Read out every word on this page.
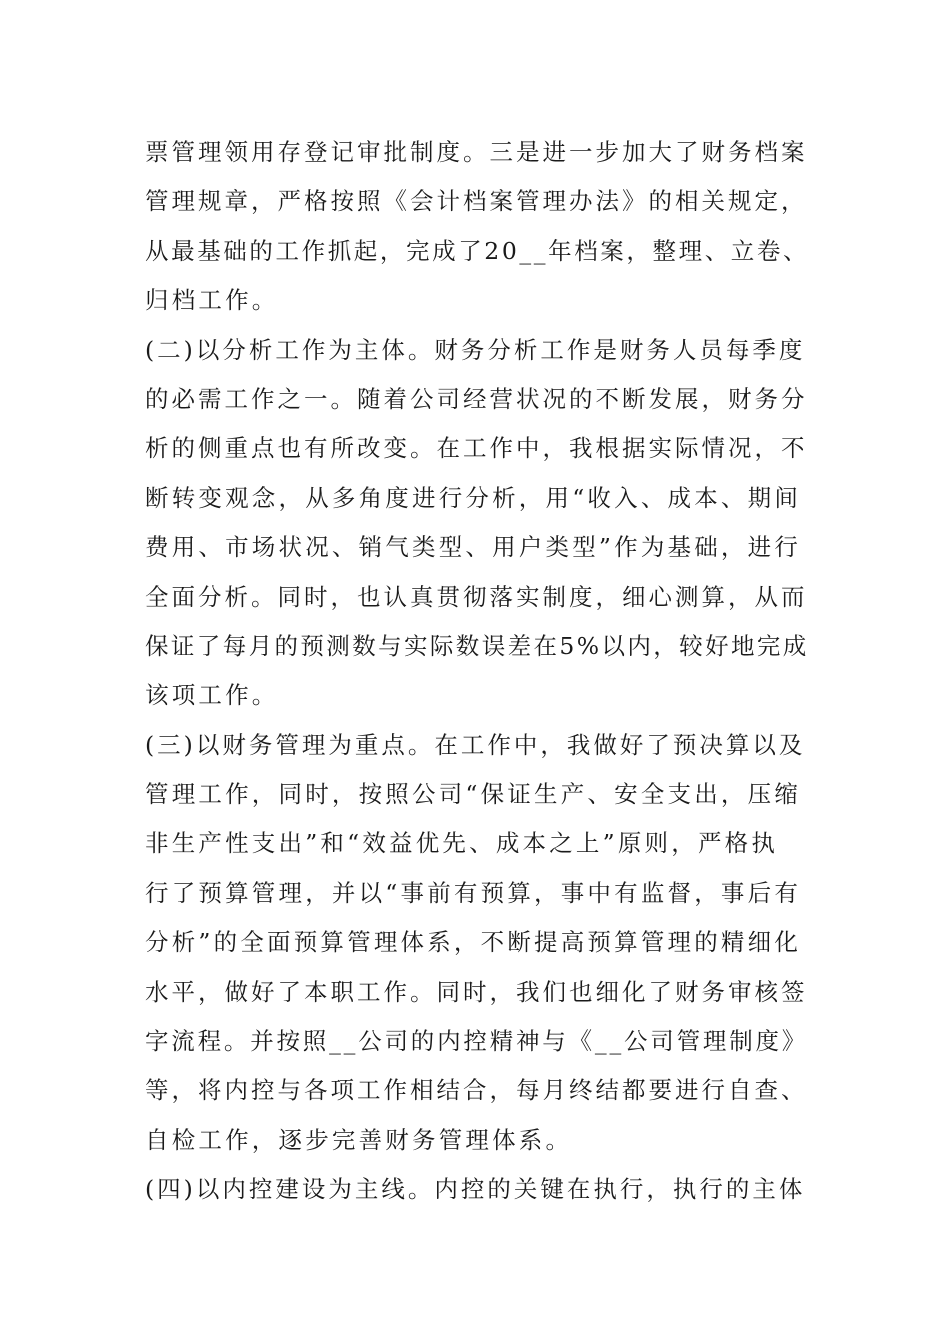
票管理领用存登记审批制度。三是进一步加大了财务档案
管理规章，严格按照《会计档案管理办法》的相关规定，
从最基础的工作抓起，完成了20__年档案，整理、立卷、
归档工作。
(二)以分析工作为主体。财务分析工作是财务人员每季度
的必需工作之一。随着公司经营状况的不断发展，财务分
析的侧重点也有所改变。在工作中，我根据实际情况，不
断转变观念，从多角度进行分析，用“收入、成本、期间
费用、市场状况、销气类型、用户类型”作为基础，进行
全面分析。同时，也认真贯彻落实制度，细心测算，从而
保证了每月的预测数与实际数误差在5%以内，较好地完成
该项工作。
(三)以财务管理为重点。在工作中，我做好了预决算以及
管理工作，同时，按照公司“保证生产、安全支出，压缩
非生产性支出”和“效益优先、成本之上”原则，严格执
行了预算管理，并以“事前有预算，事中有监督，事后有
分析”的全面预算管理体系，不断提高预算管理的精细化
水平，做好了本职工作。同时，我们也细化了财务审核签
字流程。并按照__公司的内控精神与《__公司管理制度》
等，将内控与各项工作相结合，每月终结都要进行自查、
自检工作，逐步完善财务管理体系。
(四)以内控建设为主线。内控的关键在执行，执行的主体
